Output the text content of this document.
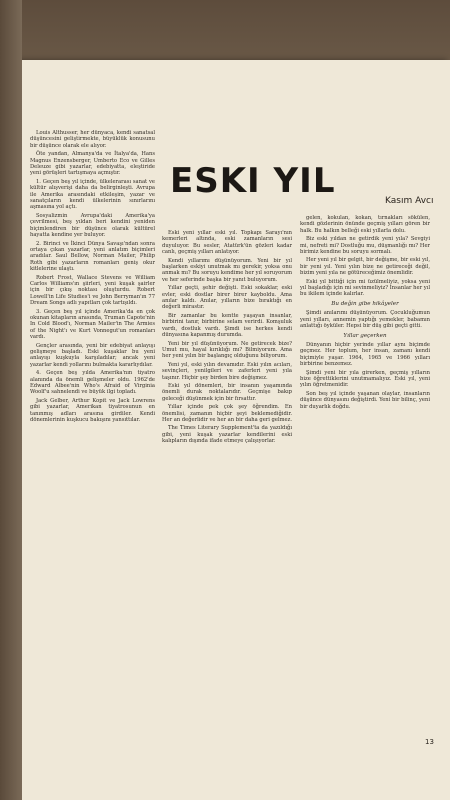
Louis Althusser, her dünyaca, kendi sanatsal düşüncesini geliştirmekte, büyüklük konusunu bir düşünce olarak ele alıyor.

Öte yandan, Almanya'da ve İtalya'da, Hans Magnus Enzensberger, Umberto Eco ve Gilles Deleuze gibi yazarlar, edebiyatta, eleştiride yeni görüşleri tartışmaya açmıştır.

1. Geçen beş yıl içinde, ülkelerarası sanat ve kültür alışverişi daha da belirginleşti. Avrupa ile Amerika arasındaki etkileşim, yazar ve sanatçıların kendi ülkelerinin sınırlarını aşmasına yol açtı.

Sosyalizmin Avrupa'daki Amerika'ya çevrilmesi, beş yıldan beri kendini yeniden biçimlendiren bir düşünce olarak kültürel hayatta kendine yer buluyor.

2. Birinci ve İkinci Dünya Savaşı'ndan sonra ortaya çıkan yazarlar, yeni anlatım biçimleri aradılar. Saul Bellow, Norman Mailer, Philip Roth gibi yazarların romanları geniş okur kitlelerine ulaştı.

Robert Frost, Wallace Stevens ve William Carlos Williams'ın şiirleri, yeni kuşak şairler için bir çıkış noktası oluşturdu. Robert Lowell'in Life Studies'i ve John Berryman'ın 77 Dream Songs adlı yapıtları çok tartışıldı.

3. Geçen beş yıl içinde Amerika'da en çok okunan kitapların arasında, Truman Capote'nin In Cold Blood'ı, Norman Mailer'in The Armies of the Night'ı ve Kurt Vonnegut'un romanları vardı.

Gençler arasında, yeni bir edebiyat anlayışı gelişmeye başladı. Eski kuşaklar bu yeni anlayışı kuşkuyla karşıladılar; ancak yeni yazarlar kendi yollarını bulmakta kararlıydılar.

4. Geçen beş yılda Amerika'nın tiyatro alanında da önemli gelişmeler oldu. 1962'de Edward Albee'nin Who's Afraid of Virginia Woolf'u sahnelendi ve büyük ilgi topladı.

Jack Gelber, Arthur Kopit ve Jack Lowrens gibi yazarlar, Amerikan tiyatrosunun en tanınmış adları arasına girdiler. Kendi dönemlerinin kuşkucu bakışını yansıttılar.

ESKI YIL	Kasım Avcı

Eski yeni yıllar eski yıl. Topkapı Sarayı'nın kemerleri altında, eski zamanların sesi duyuluyor. Bu sesler, Atatürk'ün gözleri kadar canlı, geçmiş yılları anlatıyor.

Kendi yıllarımı düşünüyorum. Yeni bir yıl başlarken eskiyi unutmak mı gerekir, yoksa onu anmak mı? Bu soruyu kendime her yıl soruyorum ve her seferinde başka bir yanıt buluyorum.

Yıllar geçti, şehir değişti. Eski sokaklar, eski evler, eski dostlar birer birer kayboldu. Ama anılar kaldı. Anılar, yılların bize bıraktığı en değerli mirastır.

Bir zamanlar bu kentte yaşayan insanlar, birbirini tanır, birbirine selam verirdi. Komşuluk vardı, dostluk vardı. Şimdi ise herkes kendi dünyasına kapanmış durumda.

Yeni bir yıl düşünüyorum. Ne getirecek bize? Umut mu, hayal kırıklığı mı? Bilmiyorum. Ama her yeni yılın bir başlangıç olduğunu biliyorum.

Yeni yıl, eski yılın devamıdır. Eski yılın acıları, sevinçleri, yenilgileri ve zaferleri yeni yıla taşınır. Hiçbir şey birden bire değişmez.

Eski yıl dönemleri, bir insanın yaşamında önemli durak noktalarıdır. Geçmişe bakıp geleceği düşünmek için bir fırsattır.

Yıllar içinde pek çok şey öğrendim. En önemlisi, zamanın hiçbir şeyi beklemediğidir. Her an değerlidir ve her an bir daha geri gelmez.

The Times Literary Supplement'ta da yazıldığı gibi, yeni kuşak yazarlar kendilerini eski kalıpların dışında ifade etmeye çalışıyorlar.

gelen, kokulan, kokan, tırnakları sökülen, kendi gözlerinin önünde geçmiş yılları gören bir halk. Bu halkın belleği eski yıllarla dolu.

Biz eski yıldan ne getirdik yeni yıla? Sevgiyi mi, nefreti mi? Dostluğu mu, düşmanlığı mı? Her birimiz kendine bu soruyu sormalı.

Her yeni yıl bir gelgit, bir değişme, bir eski yıl, bir yeni yıl. Yeni yılın bize ne getireceği değil, bizim yeni yıla ne götüreceğimiz önemlidir.

Eski yıl bittiği için mi üzülmeliyiz, yoksa yeni yıl başladığı için mi sevinmeliyiz? İnsanlar her yıl bu ikilem içinde kalırlar.

Bu değin gibe hikâyeler

Şimdi anılarımı düşünüyorum. Çocukluğumun yeni yılları, annemin yaptığı yemekler, babamın anlattığı öyküler. Hepsi bir düş gibi geçti gitti.

Yıllar geçerken

Dünyanın hiçbir yerinde yıllar aynı biçimde geçmez. Her toplum, her insan, zamanı kendi biçimiyle yaşar. 1964, 1965 ve 1966 yılları birbirine benzemez.

Şimdi yeni bir yıla girerken, geçmiş yılların bize öğrettiklerini unutmamalıyız. Eski yıl, yeni yılın öğretmenidir.

Son beş yıl içinde yaşanan olaylar, insanların düşünce dünyasını değiştirdi. Yeni bir bilinç, yeni bir duyarlık doğdu.

13
